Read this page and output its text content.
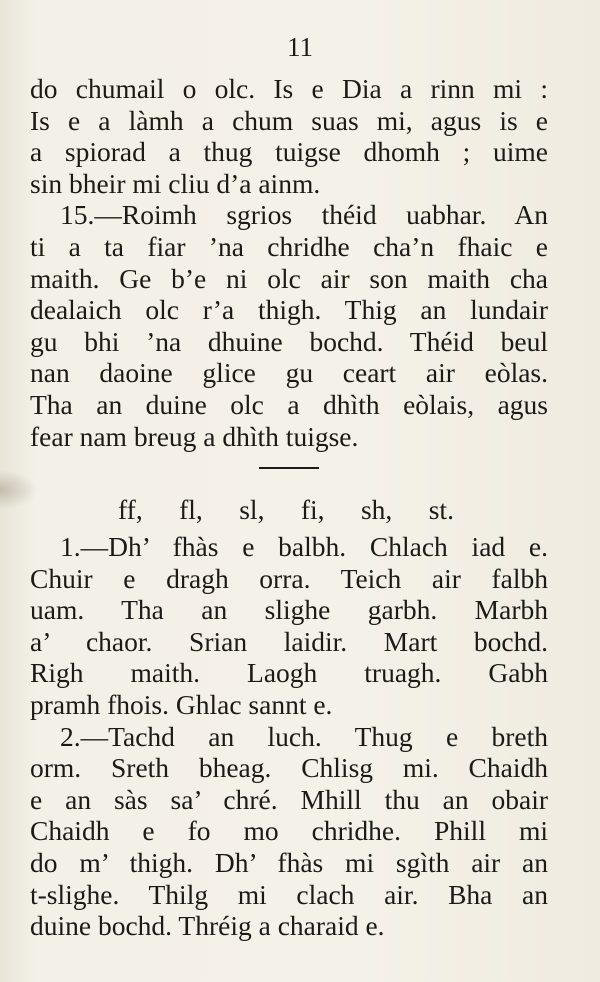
11
do chumail o olc. Is e Dia a rinn mi :
Is e a làmh a chum suas mi, agus is e
a spiorad a thug tuigse dhomh ; uime
sin bheir mi cliu d’a ainm.
15.—Roimh sgrios théid uabhar. An
ti a ta fiar ’na chridhe cha’n fhaic e
maith. Ge b’e ni olc air son maith cha
dealaich olc r’a thigh. Thig an lundair
gu bhi ’na dhuine bochd. Théid beul
nan daoine glice gu ceart air eòlas.
Tha an duine olc a dhìth eòlais, agus
fear nam breug a dhìth tuigse.
ff, fl, sl, fi, sh, st.
1.—Dh’ fhàs e balbh. Chlach iad e.
Chuir e dragh orra. Teich air falbh
uam. Tha an slighe garbh. Marbh
a’ chaor. Srian laidir. Mart bochd.
Righ maith. Laogh truagh. Gabh
pramh fhois. Ghlac sannt e.
2.—Tachd an luch. Thug e breth
orm. Sreth bheag. Chlisg mi. Chaidh
e an sàs sa’ chré. Mhill thu an obair
Chaidh e fo mo chridhe. Phill mi
do m’ thigh. Dh’ fhàs mi sgìth air an
t-slighe. Thilg mi clach air. Bha an
duine bochd. Thréig a charaid e.
